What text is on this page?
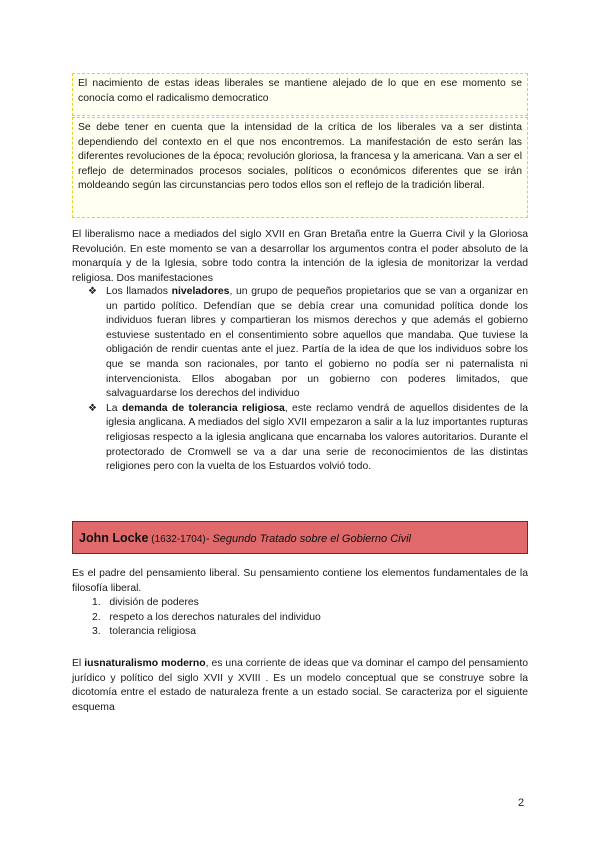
El nacimiento de estas ideas liberales se mantiene alejado de lo que en ese momento se conocía como el radicalismo democratico
Se debe tener en cuenta que la intensidad de la crítica de los liberales va a ser distinta dependiendo del contexto en el que nos encontremos. La manifestación de esto serán las diferentes revoluciones de la época; revolución gloriosa, la francesa y la americana. Van a ser el reflejo de determinados procesos sociales, políticos o económicos diferentes que se irán moldeando según las circunstancias pero todos ellos son el reflejo de la tradición liberal.

El liberalismo nace a mediados del siglo XVII en Gran Bretaña entre la Guerra Civil y la Gloriosa Revolución. En este momento se van a desarrollar los argumentos contra el poder absoluto de la monarquía y de la Iglesia, sobre todo contra la intención de la iglesia de monitorizar la verdad religiosa. Dos manifestaciones

❖ Los llamados niveladores, un grupo de pequeños propietarios que se van a organizar en un partido político. Defendían que se debía crear una comunidad política donde los individuos fueran libres y compartieran los mismos derechos y que además el gobierno estuviese sustentado en el consentimiento sobre aquellos que mandaba. Que tuviese la obligación de rendir cuentas ante el juez. Partía de la idea de que los individuos sobre los que se manda son racionales, por tanto el gobierno no podía ser ni paternalista ni intervencionista. Ellos abogaban por un gobierno con poderes limitados, que salvaguardarse los derechos del individuo
❖ La demanda de tolerancia religiosa, este reclamo vendrá de aquellos disidentes de la iglesia anglicana. A mediados del siglo XVII empezaron a salir a la luz importantes rupturas religiosas respecto a la iglesia anglicana que encarnaba los valores autoritarios. Durante el protectorado de Cromwell se va a dar una serie de reconocimientos de las distintas religiones pero con la vuelta de los Estuardos volvió todo.
John Locke (1632-1704)- Segundo Tratado sobre el Gobierno Civil

Es el padre del pensamiento liberal. Su pensamiento contiene los elementos fundamentales de la filosofía liberal.

1. división de poderes
2. respeto a los derechos naturales del individuo
3. tolerancia religiosa

El iusnaturalismo moderno, es una corriente de ideas que va dominar el campo del pensamiento jurídico y político del siglo XVII y XVIII . Es un modelo conceptual que se construye sobre la dicotomía entre el estado de naturaleza frente a un estado social. Se caracteriza por el siguiente esquema

2
